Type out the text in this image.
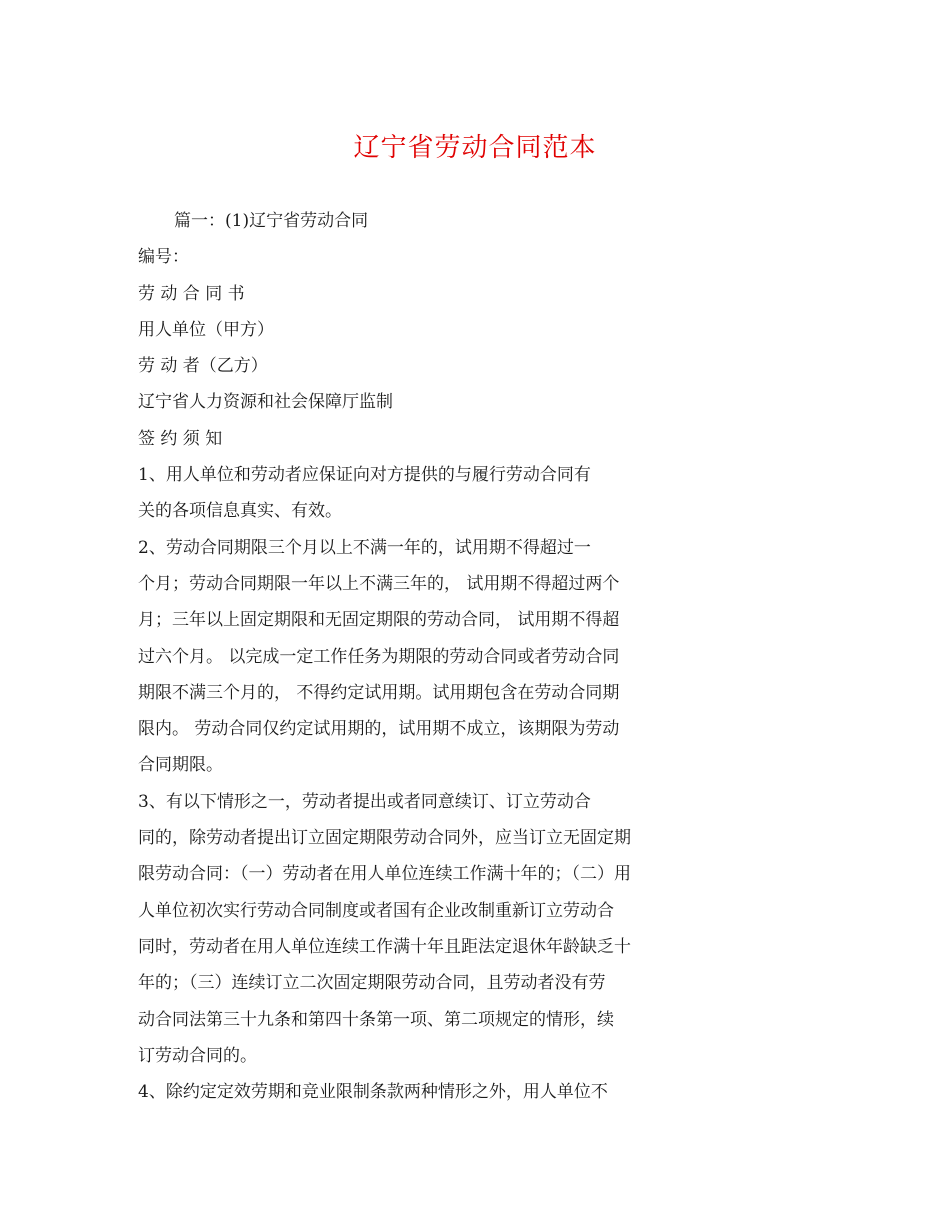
辽宁省劳动合同范本
篇一：(1)辽宁省劳动合同
编号：
劳 动 合 同 书
用人单位（甲方）
劳 动 者（乙方）
辽宁省人力资源和社会保障厅监制
签 约 须 知
1、用人单位和劳动者应保证向对方提供的与履行劳动合同有
关的各项信息真实、有效。
2、劳动合同期限三个月以上不满一年的，试用期不得超过一
个月；劳动合同期限一年以上不满三年的， 试用期不得超过两个
月；三年以上固定期限和无固定期限的劳动合同， 试用期不得超
过六个月。 以完成一定工作任务为期限的劳动合同或者劳动合同
期限不满三个月的， 不得约定试用期。试用期包含在劳动合同期
限内。 劳动合同仅约定试用期的，试用期不成立，该期限为劳动
合同期限。
3、有以下情形之一，劳动者提出或者同意续订、订立劳动合
同的，除劳动者提出订立固定期限劳动合同外，应当订立无固定期
限劳动合同：（一）劳动者在用人单位连续工作满十年的；（二）用
人单位初次实行劳动合同制度或者国有企业改制重新订立劳动合
同时，劳动者在用人单位连续工作满十年且距法定退休年龄缺乏十
年的；（三）连续订立二次固定期限劳动合同，且劳动者没有劳
动合同法第三十九条和第四十条第一项、第二项规定的情形，续
订劳动合同的。
4、除约定定效劳期和竞业限制条款两种情形之外，用人单位不
